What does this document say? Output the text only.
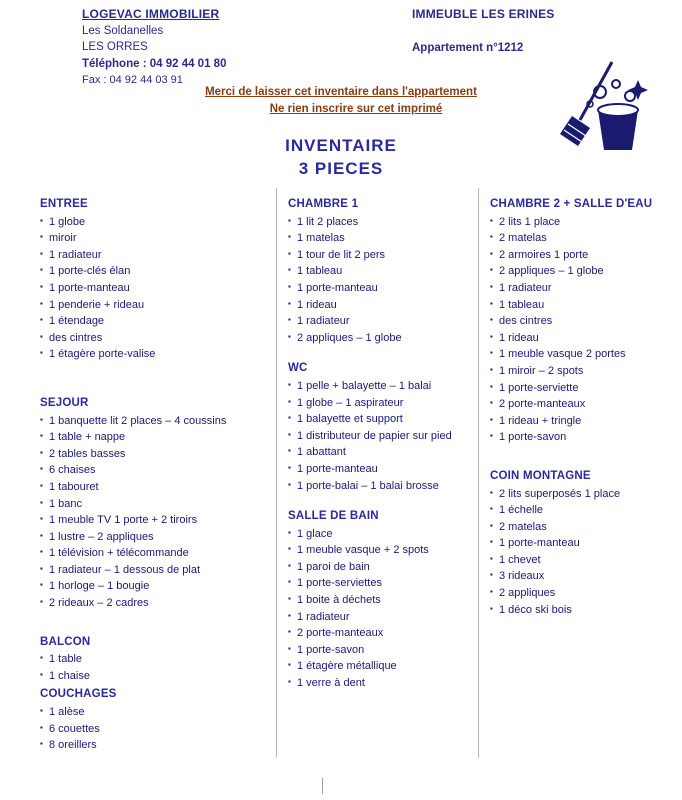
LOGEVAC IMMOBILIER
Les Soldanelles
LES ORRES
Téléphone : 04 92 44 01 80
Fax : 04 92 44 03 91
IMMEUBLE LES ERINES
Appartement n°1212
Merci de laisser cet inventaire dans l'appartement
Ne rien inscrire sur cet imprimé
INVENTAIRE
3 PIECES
ENTREE
▪ 1 globe
▪ miroir
▪ 1 radiateur
▪ 1 porte-clés élan
▪ 1 porte-manteau
▪ 1 penderie + rideau
▪ 1 étendage
▪ des cintres
▪ 1 étagère porte-valise
SEJOUR
▪ 1 banquette lit 2 places – 4 coussins
▪ 1 table + nappe
▪ 2 tables basses
▪ 6 chaises
▪ 1 tabouret
▪ 1 banc
▪ 1 meuble TV 1 porte + 2 tiroirs
▪ 1 lustre – 2 appliques
▪ 1 télévision + télécommande
▪ 1 radiateur – 1 dessous de plat
▪ 1 horloge – 1 bougie
▪ 2 rideaux – 2 cadres
BALCON
▪ 1 table
▪ 1 chaise
COUCHAGES
▪ 1 alèse
▪ 6 couettes
▪ 8 oreillers
CHAMBRE 1
▪ 1 lit 2 places
▪ 1 matelas
▪ 1 tour de lit 2 pers
▪ 1 tableau
▪ 1 porte-manteau
▪ 1 rideau
▪ 1 radiateur
▪ 2 appliques – 1 globe
WC
▪ 1 pelle + balayette – 1 balai
▪ 1 globe – 1 aspirateur
▪ 1 balayette et support
▪ 1 distributeur de papier sur pied
▪ 1 abattant
▪ 1 porte-manteau
▪ 1 porte-balai – 1 balai brosse
SALLE DE BAIN
▪ 1 glace
▪ 1 meuble vasque + 2 spots
▪ 1 paroi de bain
▪ 1 porte-serviettes
▪ 1 boite à déchets
▪ 1 radiateur
▪ 2 porte-manteaux
▪ 1 porte-savon
▪ 1 étagère métallique
▪ 1 verre à dent
CHAMBRE 2 + SALLE D'EAU
▪ 2 lits 1 place
▪ 2 matelas
▪ 2 armoires 1 porte
▪ 2 appliques – 1 globe
▪ 1 radiateur
▪ 1 tableau
▪ des cintres
▪ 1 rideau
▪ 1 meuble vasque 2 portes
▪ 1 miroir – 2 spots
▪ 1 porte-serviette
▪ 2 porte-manteaux
▪ 1 rideau + tringle
▪ 1 porte-savon
COIN MONTAGNE
▪ 2 lits superposés 1 place
▪ 1 échelle
▪ 2 matelas
▪ 1 porte-manteau
▪ 1 chevet
▪ 3 rideaux
▪ 2 appliques
▪ 1 déco ski bois
